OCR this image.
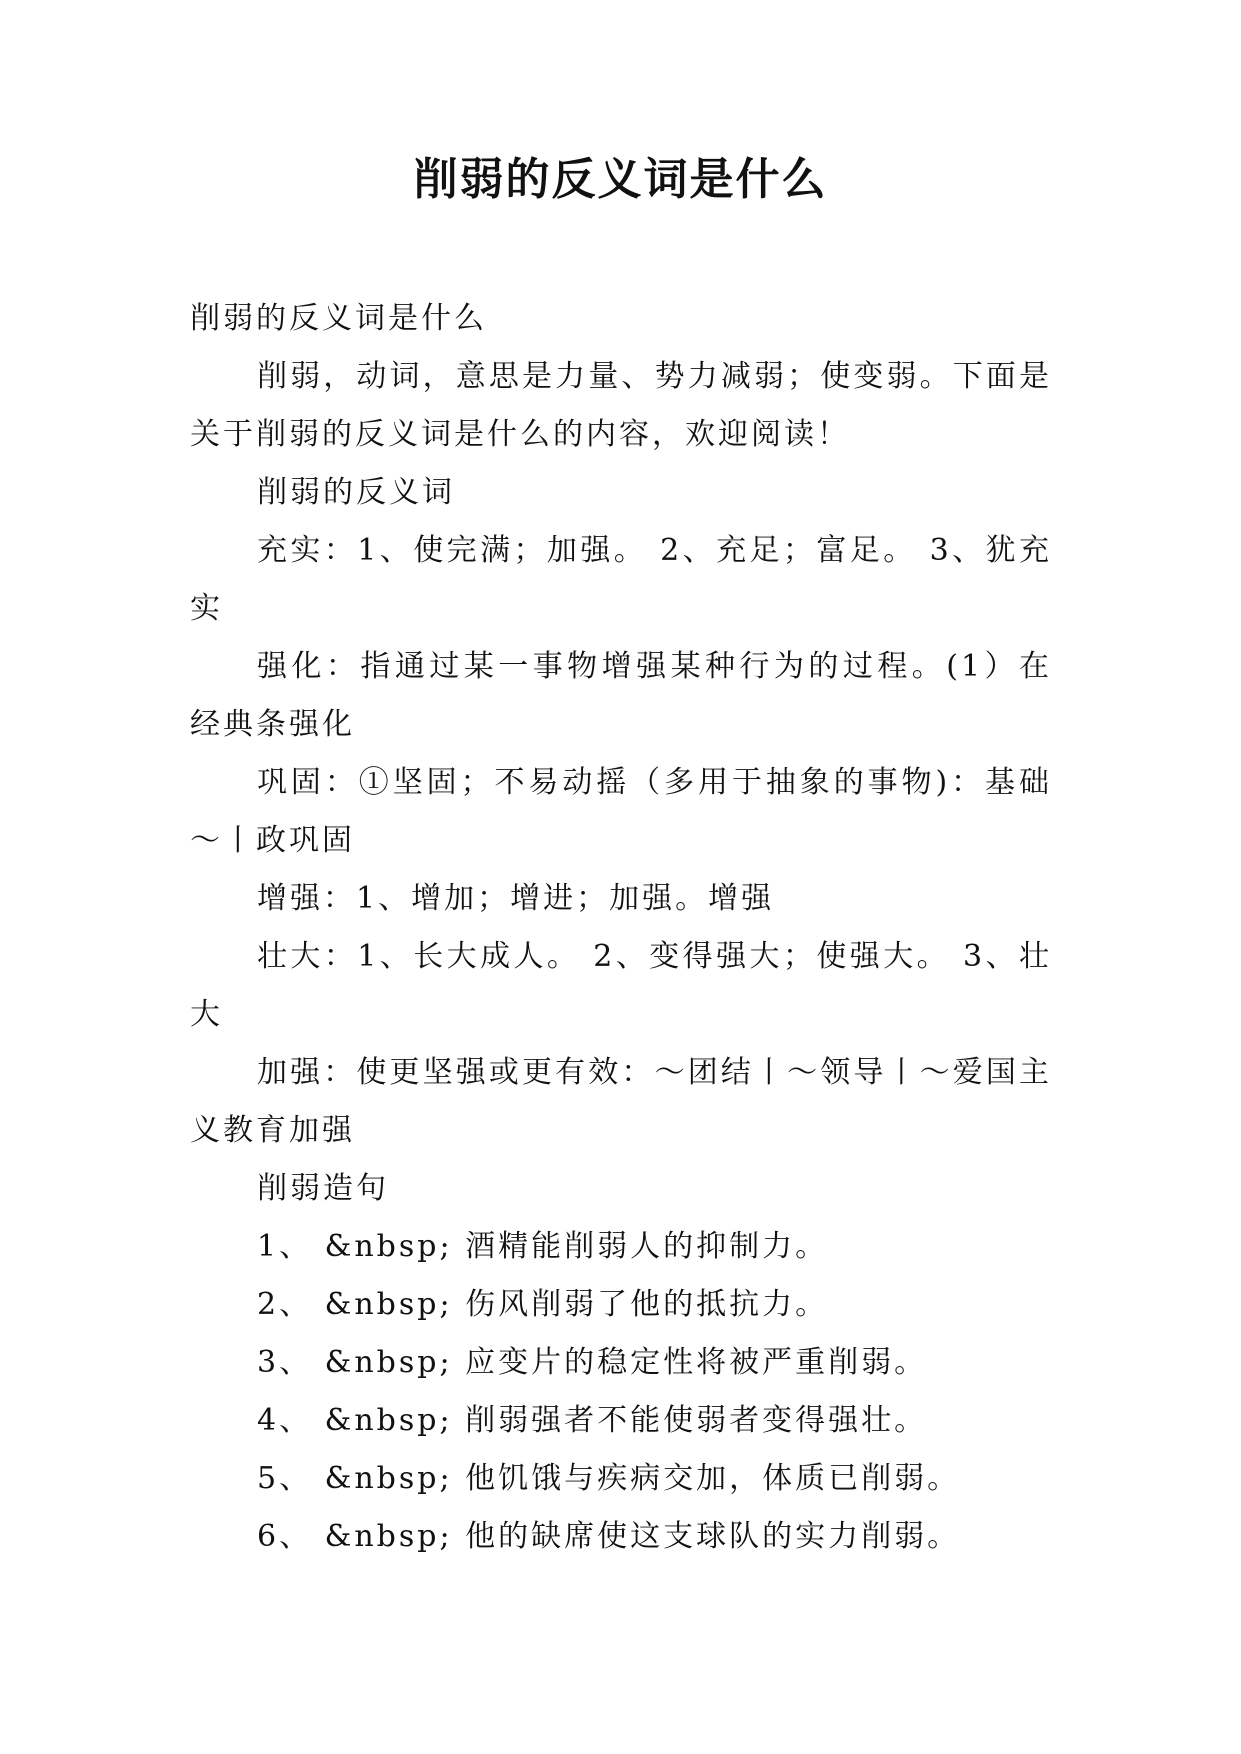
削弱的反义词是什么

削弱的反义词是什么

削弱，动词，意思是力量、势力减弱；使变弱。下面是关于削弱的反义词是什么的内容，欢迎阅读！

削弱的反义词

充实：1、使完满；加强。 2、充足；富足。 3、犹充实

强化：指通过某一事物增强某种行为的过程。(1）在经典条强化

巩固：①坚固；不易动摇（多用于抽象的事物)：基础～丨政巩固

增强：1、增加；增进；加强。增强

壮大：1、长大成人。 2、变得强大；使强大。 3、壮大

加强：使更坚强或更有效：～团结丨～领导丨～爱国主义教育加强

削弱造句

1、 &nbsp; 酒精能削弱人的抑制力。

2、 &nbsp; 伤风削弱了他的抵抗力。

3、 &nbsp; 应变片的稳定性将被严重削弱。

4、 &nbsp; 削弱强者不能使弱者变得强壮。

5、 &nbsp; 他饥饿与疾病交加，体质已削弱。

6、 &nbsp; 他的缺席使这支球队的实力削弱。
